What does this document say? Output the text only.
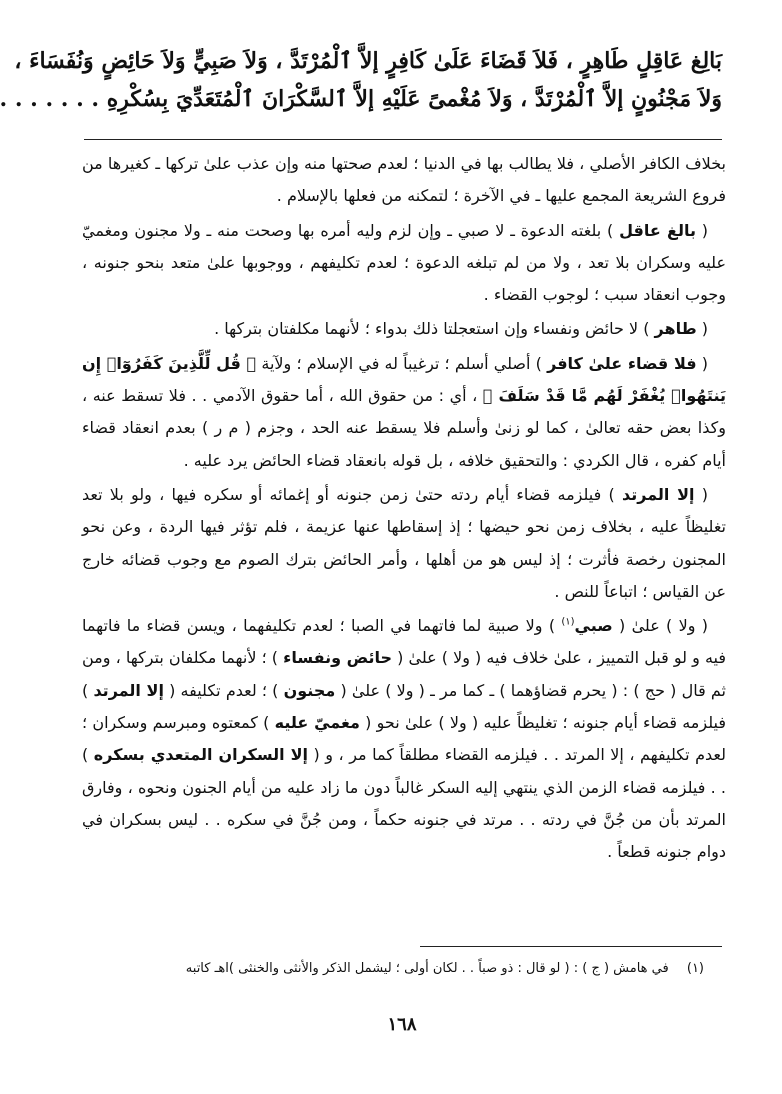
بَالِغ عَاقِلٍ طَاهِرٍ ، فَلاَ قَضَاءَ عَلَىٰ كَافِرٍ إلاَّ ٱلْمُرْتَدَّ ، وَلاَ صَبِيٍّ وَلاَ حَائِضٍ وَنُفَسَاءَ ،
وَلاَ مَجْنُونٍ إلاَّ ٱلْمُرْتَدَّ ، وَلاَ مُغْمىً عَلَيْهِ إلاَّ ٱلسَّكْرَانَ ٱلْمُتَعَدِّيَ بِسُكْرِهِ . . . . . . .

بخلاف الكافر الأصلي ، فلا يطالب بها في الدنيا ؛ لعدم صحتها منه وإن عذب علىٰ تركها ـ كغيرها من فروع الشريعة المجمع عليها ـ في الآخرة ؛ لتمكنه من فعلها بالإسلام .

( بالغ عاقل ) بلغته الدعوة ـ لا صبي ـ وإن لزم وليه أمره بها وصحت منه ـ ولا مجنون ومغميّ عليه وسكران بلا تعد ، ولا من لم تبلغه الدعوة ؛ لعدم تكليفهم ، ووجوبها علىٰ متعد بنحو جنونه ، وجوب انعقاد سبب ؛ لوجوب القضاء .

( طاهر ) لا حائض ونفساء وإن استعجلتا ذلك بدواء ؛ لأنهما مكلفتان بتركها .

( فلا قضاء علىٰ كافر ) أصلي أسلم ؛ ترغيباً له في الإسلام ؛ ولآية ﴿ قُل لِّلَّذِينَ كَفَرُوٓا۟ إِن يَنتَهُوا۟ يُغْفَرْ لَهُم مَّا قَدْ سَلَفَ ﴾ ، أي : من حقوق الله ، أما حقوق الآدمي . . فلا تسقط عنه ، وكذا بعض حقه تعالىٰ ، كما لو زنىٰ وأسلم فلا يسقط عنه الحد ، وجزم ( م ر ) بعدم انعقاد قضاء أيام كفره ، قال الكردي : والتحقيق خلافه ، بل قوله بانعقاد قضاء الحائض يرد عليه .

( إلا المرتد ) فيلزمه قضاء أيام ردته حتىٰ زمن جنونه أو إغمائه أو سكره فيها ، ولو بلا تعد تغليظاً عليه ، بخلاف زمن نحو حيضها ؛ إذ إسقاطها عنها عزيمة ، فلم تؤثر فيها الردة ، وعن نحو المجنون رخصة فأثرت ؛ إذ ليس هو من أهلها ، وأمر الحائض بترك الصوم مع وجوب قضائه خارج عن القياس ؛ اتباعاً للنص .

( ولا ) علىٰ ( صبي$^{(١)}$ ) ولا صبية لما فاتهما في الصبا ؛ لعدم تكليفهما ، ويسن قضاء ما فاتهما فيه و لو قبل التمييز ، علىٰ خلاف فيه ( ولا ) علىٰ ( حائض ونفساء ) ؛ لأنهما مكلفان بتركها ، ومن ثم قال ( حج ) : ( يحرم قضاؤهما ) ـ كما مر ـ ( ولا ) علىٰ ( مجنون ) ؛ لعدم تكليفه ( إلا المرتد ) فيلزمه قضاء أيام جنونه ؛ تغليظاً عليه ( ولا ) علىٰ نحو ( مغميّ عليه ) كمعتوه ومبرسم وسكران ؛ لعدم تكليفهم ، إلا المرتد . . فيلزمه القضاء مطلقاً كما مر ، و ( إلا السكران المتعدي بسكره ) . . فيلزمه قضاء الزمن الذي ينتهي إليه السكر غالباً دون ما زاد عليه من أيام الجنون ونحوه ، وفارق المرتد بأن من جُنَّ في ردته . . مرتد في جنونه حكماً ، ومن جُنَّ في سكره . . ليس بسكران في دوام جنونه قطعاً .

(١) في هامش ( ج ) : ( لو قال : ذو صباً . . لكان أولى ؛ ليشمل الذكر والأنثى والخنثى )اهـ كاتبه
١٦٨
